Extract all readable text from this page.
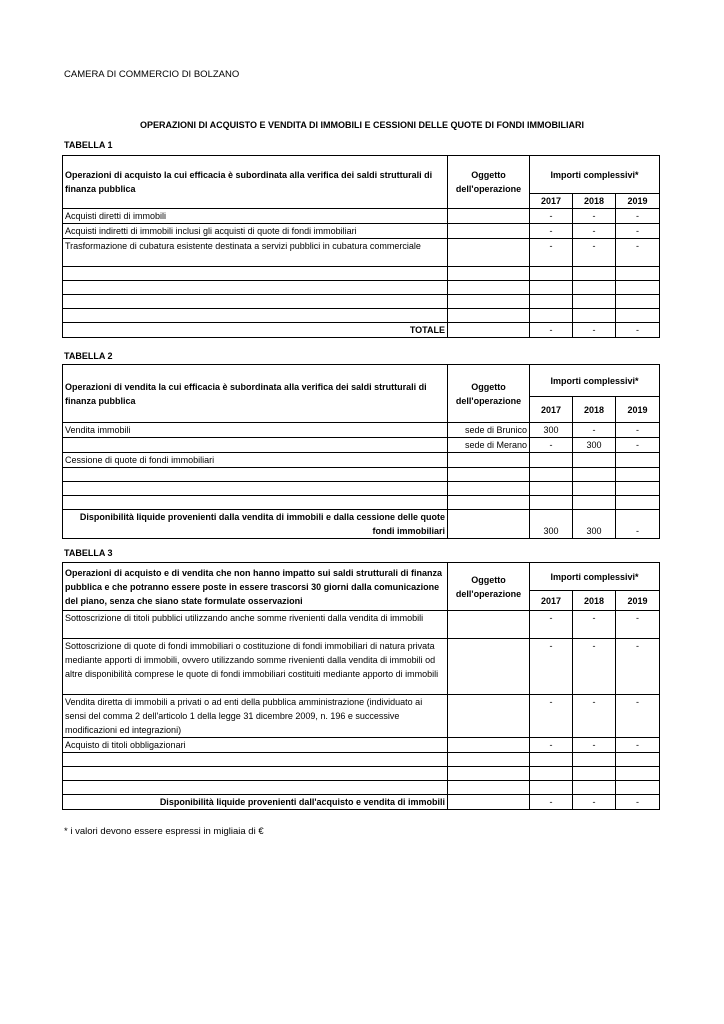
CAMERA DI COMMERCIO DI BOLZANO
OPERAZIONI DI ACQUISTO E VENDITA DI IMMOBILI E CESSIONI DELLE QUOTE DI FONDI IMMOBILIARI
TABELLA 1
Operazioni di acquisto la cui efficacia è subordinata alla verifica dei saldi strutturali di finanza pubblica	Oggetto dell'operazione	Importi complessivi*		
		2017	2018	2019
Acquisti diretti di immobili		-	-	-
Acquisti indiretti di immobili inclusi gli acquisti di quote di fondi immobiliari		-	-	-
Trasformazione di cubatura esistente destinata a servizi pubblici in cubatura commerciale		-	-	-

TOTALE		-	-	-
TABELLA 2
Operazioni di vendita la cui efficacia è subordinata alla verifica dei saldi strutturali di finanza pubblica	Oggetto dell'operazione	Importi complessivi*		
		2017	2018	2019
Vendita immobili	sede di Brunico	300	-	-
	sede di Merano	-	300	-
Cessione di quote di fondi immobiliari				

Disponibilità liquide provenienti dalla vendita di immobili e dalla cessione delle quote fondi immobiliari		300	300	-
TABELLA 3
Operazioni di acquisto e di vendita che non hanno impatto sui saldi strutturali di finanza pubblica e che potranno essere poste in essere trascorsi 30 giorni dalla comunicazione del piano, senza che siano state formulate osservazioni	Oggetto dell'operazione	Importi complessivi*		
		2017	2018	2019
Sottoscrizione di titoli pubblici utilizzando anche somme rivenienti dalla vendita di immobili		-	-	-
Sottoscrizione di quote di fondi immobiliari o costituzione di fondi immobiliari di natura privata mediante apporti di immobili, ovvero utilizzando somme rivenienti dalla vendita di immobili od altre disponibilità comprese le quote di fondi immobiliari costituiti mediante apporto di immobili		-	-	-
Vendita diretta di immobili a privati o ad enti della pubblica amministrazione (individuato ai sensi del comma 2 dell'articolo 1 della legge 31 dicembre 2009, n. 196 e successive modificazioni ed integrazioni)		-	-	-
Acquisto di titoli obbligazionari		-	-	-

Disponibilità liquide provenienti dall'acquisto e vendita di immobili		-	-	-
* i valori devono essere espressi in migliaia di €
